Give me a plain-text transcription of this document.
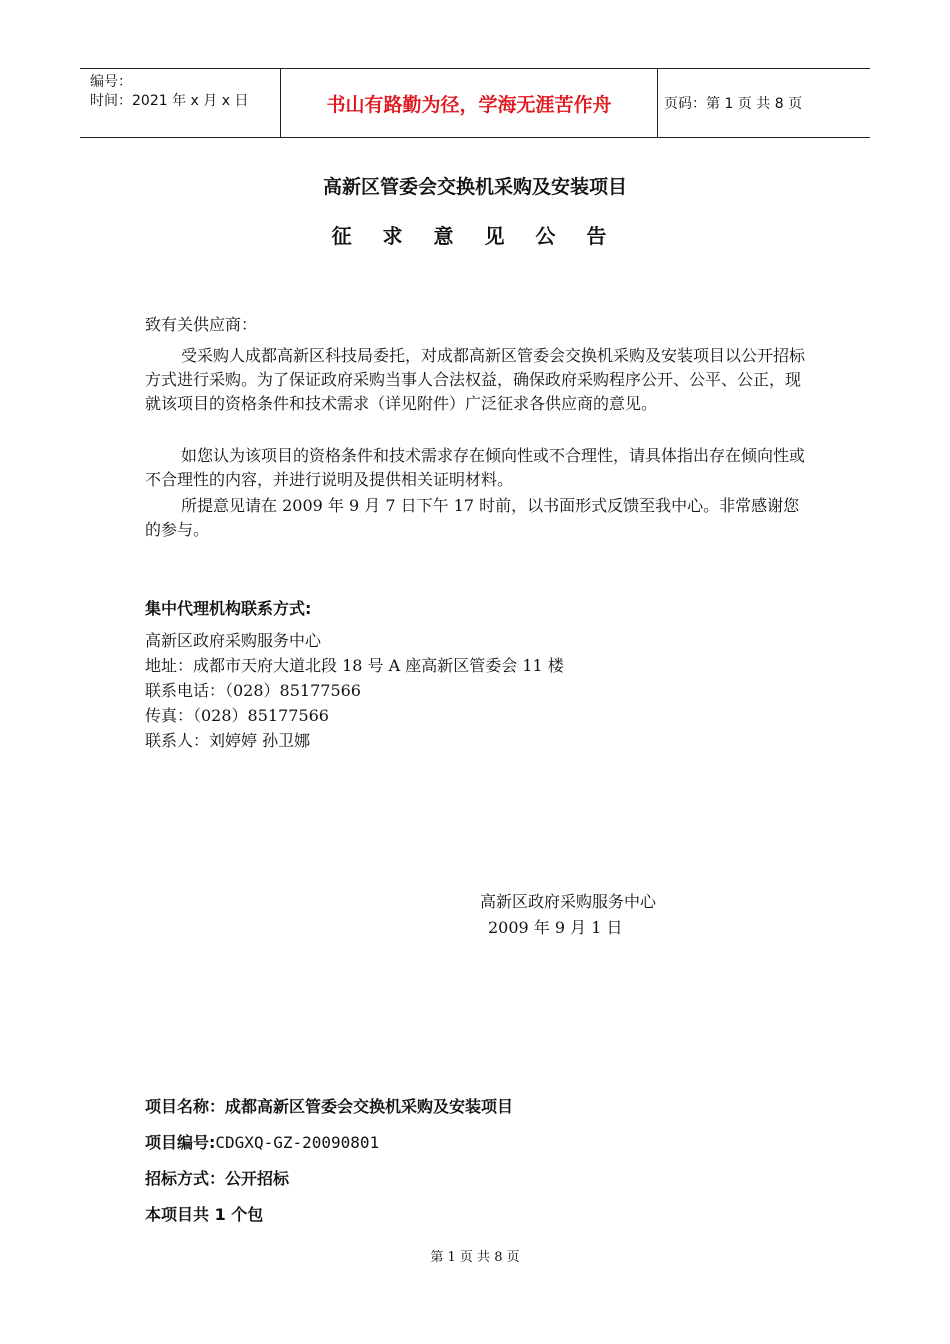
编号：
时间：2021 年 x 月 x 日	书山有路勤为径，学海无涯苦作舟	页码：第 1 页 共 8 页
高新区管委会交换机采购及安装项目
征 求 意 见 公 告
致有关供应商：
受采购人成都高新区科技局委托，对成都高新区管委会交换机采购及安装项目以公开招标方式进行采购。为了保证政府采购当事人合法权益，确保政府采购程序公开、公平、公正，现就该项目的资格条件和技术需求（详见附件）广泛征求各供应商的意见。
如您认为该项目的资格条件和技术需求存在倾向性或不合理性，请具体指出存在倾向性或不合理性的内容，并进行说明及提供相关证明材料。
所提意见请在 2009 年 9 月 7 日下午 17 时前，以书面形式反馈至我中心。非常感谢您的参与。
集中代理机构联系方式:
高新区政府采购服务中心
地址：成都市天府大道北段 18 号 A 座高新区管委会 11 楼
联系电话：（028）85177566
传真：（028）85177566
联系人：刘婷婷 孙卫娜
高新区政府采购服务中心
2009 年 9 月 1 日
项目名称：成都高新区管委会交换机采购及安装项目
项目编号:CDGXQ-GZ-20090801
招标方式：公开招标
本项目共 1 个包
第 1 页 共 8 页
